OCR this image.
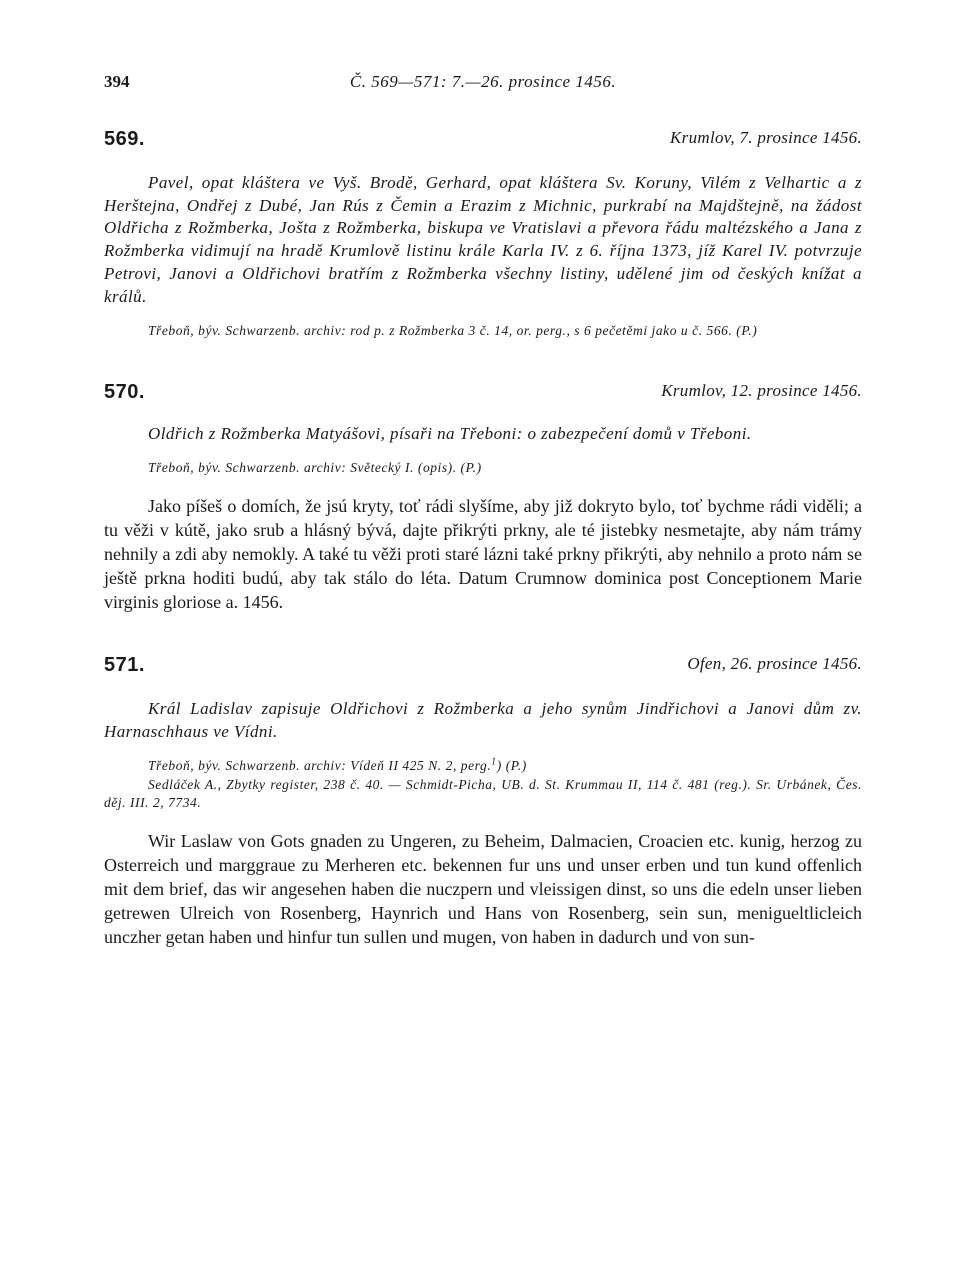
394	Č. 569—571: 7.—26. prosince 1456.
569.	Krumlov, 7. prosince 1456.

Pavel, opat kláštera ve Vyš. Brodě, Gerhard, opat kláštera Sv. Koruny, Vilém z Velhartic a z Herštejna, Ondřej z Dubé, Jan Rús z Čemin a Erazim z Michnic, purkrabí na Majdštejně, na žádost Oldřicha z Rožmberka, Jošta z Rožmberka, biskupa ve Vratislavi a převora řádu maltézského a Jana z Rožmberka vidimují na hradě Krumlově listinu krále Karla IV. z 6. října 1373, jíž Karel IV. potvrzuje Petrovi, Janovi a Oldřichovi bratřím z Rožmberka všechny listiny, udělené jim od českých knížat a králů.

Třeboň, býv. Schwarzenb. archiv: rod p. z Rožmberka 3 č. 14, or. perg., s 6 pečetěmi jako u č. 566. (P.)

570.	Krumlov, 12. prosince 1456.

Oldřich z Rožmberka Matyášovi, písaři na Třeboni: o zabezpečení domů v Třeboni.

Třeboň, býv. Schwarzenb. archiv: Světecký I. (opis). (P.)

Jako píšeš o domích, že jsú kryty, toť rádi slyšíme, aby již dokryto bylo, toť bychme rádi viděli; a tu věži v kútě, jako srub a hlásný bývá, dajte přikrýti prkny, ale té jistebky nesmetajte, aby nám trámy nehnily a zdi aby nemokly. A také tu věži proti staré lázni také prkny přikrýti, aby nehnilo a proto nám se ještě prkna hoditi budú, aby tak stálo do léta. Datum Crumnow dominica post Conceptionem Marie virginis gloriose a. 1456.

571.	Ofen, 26. prosince 1456.

Král Ladislav zapisuje Oldřichovi z Rožmberka a jeho synům Jindřichovi a Janovi dům zv. Harnaschhaus ve Vídni.

Třeboň, býv. Schwarzenb. archiv: Vídeň II 425 N. 2, perg.$^1$) (P.)
Sedláček A., Zbytky register, 238 č. 40. — Schmidt-Picha, UB. d. St. Krummau II, 114 č. 481 (reg.). Sr. Urbánek, Čes. děj. III. 2, 7734.

Wir Laslaw von Gots gnaden zu Ungeren, zu Beheim, Dalmacien, Croacien etc. kunig, herzog zu Osterreich und marggraue zu Merheren etc. bekennen fur uns und unser erben und tun kund offenlich mit dem brief, das wir angesehen haben die nuczpern und vleissigen dinst, so uns die edeln unser lieben getrewen Ulreich von Rosenberg, Haynrich und Hans von Rosenberg, sein sun, menigueltlicleich unczher getan haben und hinfur tun sullen und mugen, von haben in dadurch und von sun-
